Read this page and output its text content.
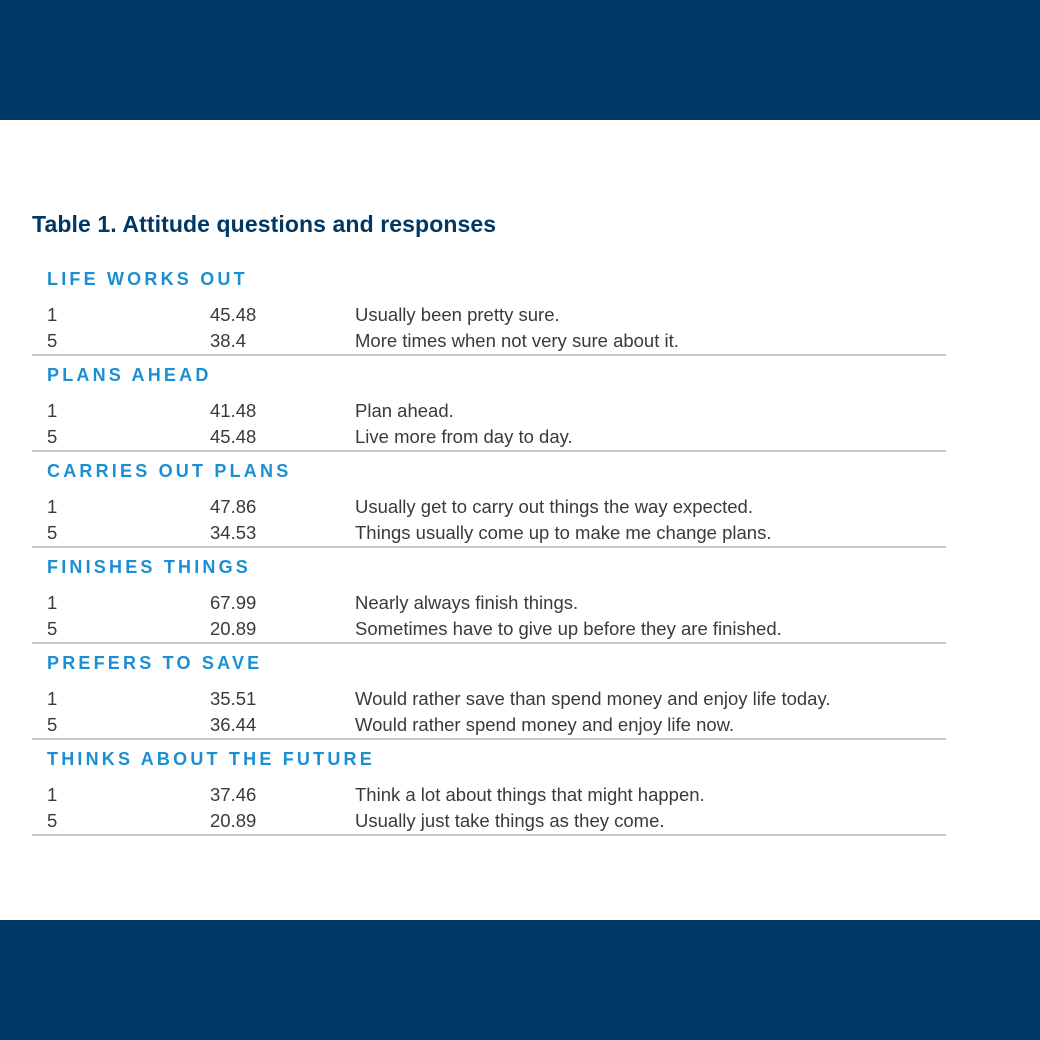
Table 1. Attitude questions and responses
LIFE WORKS OUT
1	45.48	Usually been pretty sure.
5	38.4	More times when not very sure about it.
PLANS AHEAD
1	41.48	Plan ahead.
5	45.48	Live more from day to day.
CARRIES OUT PLANS
1	47.86	Usually get to carry out things the way expected.
5	34.53	Things usually come up to make me change plans.
FINISHES THINGS
1	67.99	Nearly always finish things.
5	20.89	Sometimes have to give up before they are finished.
PREFERS TO SAVE
1	35.51	Would rather save than spend money and enjoy life today.
5	36.44	Would rather spend money and enjoy life now.
THINKS ABOUT THE FUTURE
1	37.46	Think a lot about things that might happen.
5	20.89	Usually just take things as they come.
